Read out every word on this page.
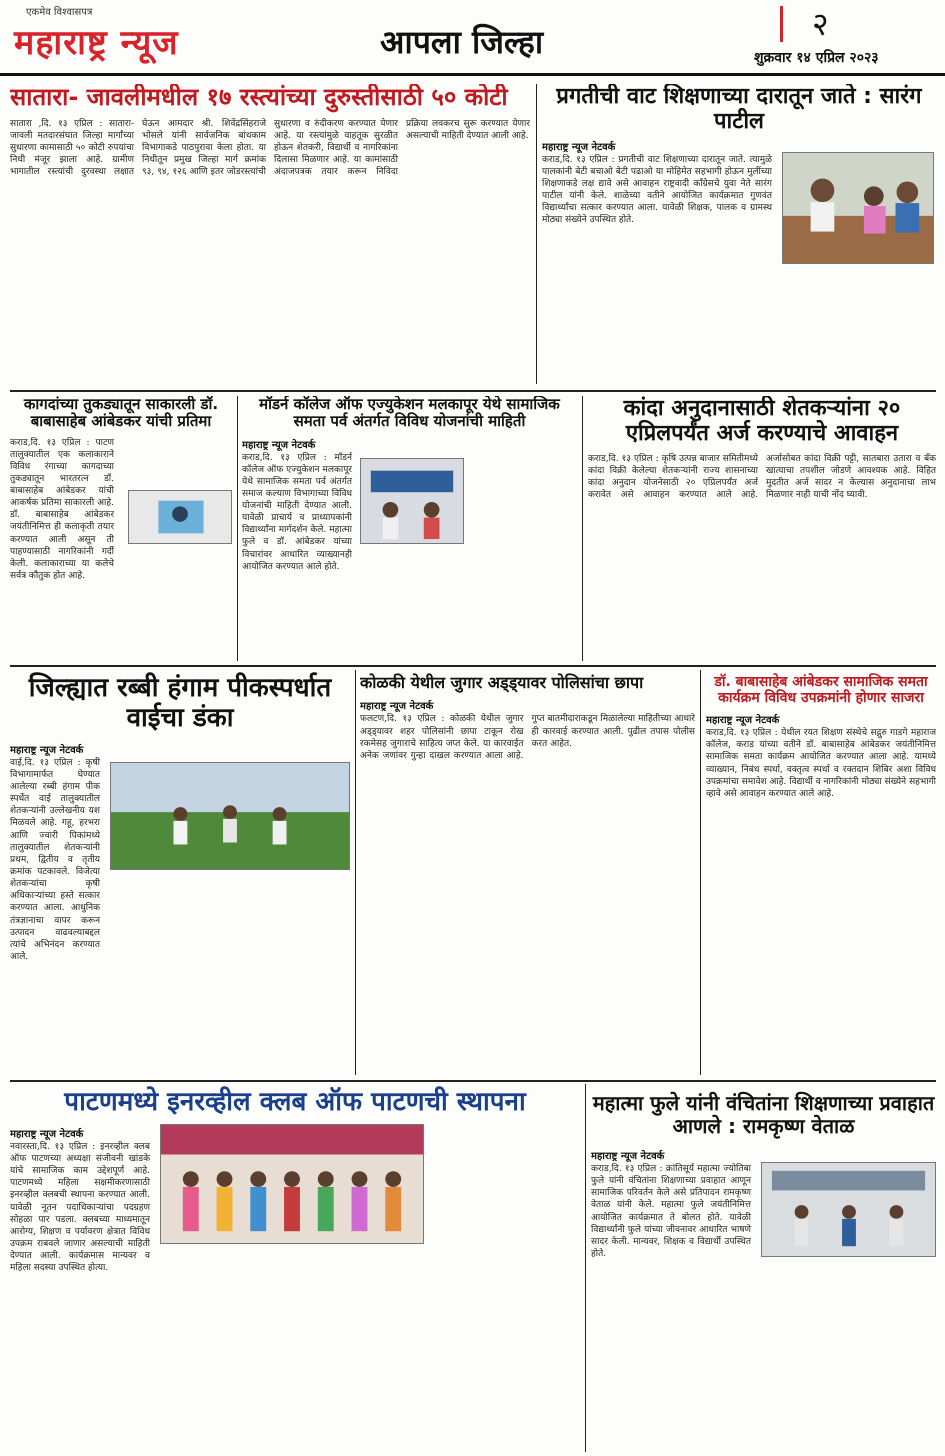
एकमेव विश्वासपत्र
महाराष्ट्र न्यूज	आपला जिल्हा	२
शुक्रवार १४ एप्रिल २०२३
सातारा- जावलीमधील १७ रस्त्यांच्या दुरुस्तीसाठी ५० कोटी
सातारा ,दि. १३ एप्रिल : सातारा- जावली मतदारसंघात जिल्हा मार्गांच्या सुधारणा कामासाठी ५० कोटी रुपयांचा निधी मंजूर झाला आहे. ग्रामीण भागातील रस्त्यांची दुरवस्था लक्षात घेऊन आमदार श्री. शिवेंद्रसिंहराजे भोसले यांनी सार्वजनिक बांधकाम विभागाकडे पाठपुरावा केला होता. या निधीतून प्रमुख जिल्हा मार्ग क्रमांक ९३, ९४, १२६ आणि इतर जोडरस्त्यांची सुधारणा व रुंदीकरण करण्यात येणार आहे. या रस्त्यांमुळे वाहतूक सुरळीत होऊन शेतकरी, विद्यार्थी व नागरिकांना दिलासा मिळणार आहे. या कामांसाठी अंदाजपत्रक तयार करून निविदा प्रक्रिया लवकरच सुरू करण्यात येणार असल्याची माहिती देण्यात आली आहे.
प्रगतीची वाट शिक्षणाच्या दारातून जाते : सारंग पाटील
महाराष्ट्र न्यूज नेटवर्क
कराड,दि. १३ एप्रिल : प्रगतीची वाट शिक्षणाच्या दारातून जाते. त्यामुळे पालकांनी बेटी बचाओ बेटी पढाओ या मोहिमेत सहभागी होऊन मुलींच्या शिक्षणाकडे लक्ष द्यावे असे आवाहन राष्ट्रवादी काँग्रेसचे युवा नेते सारंग पाटील यांनी केले. शाळेच्या वतीने आयोजित कार्यक्रमात गुणवंत विद्यार्थ्यांचा सत्कार करण्यात आला. यावेळी शिक्षक, पालक व ग्रामस्थ मोठ्या संख्येने उपस्थित होते.
कागदांच्या तुकड्यातून साकारली डॉ. बाबासाहेब आंबेडकर यांची प्रतिमा
कराड,दि. १३ एप्रिल : पाटण तालुक्यातील एक कलाकाराने विविध रंगाच्या कागदाच्या तुकड्यातून भारतरत्न डॉ. बाबासाहेब आंबेडकर यांची आकर्षक प्रतिमा साकारली आहे. डॉ. बाबासाहेब आंबेडकर जयंतीनिमित्त ही कलाकृती तयार करण्यात आली असून ती पाहण्यासाठी नागरिकांनी गर्दी केली. कलाकाराच्या या कलेचे सर्वत्र कौतुक होत आहे.
मॉडर्न कॉलेज ऑफ एज्युकेशन मलकापूर येथे सामाजिक समता पर्व अंतर्गत विविध योजनांची माहिती
महाराष्ट्र न्यूज नेटवर्क
कराड,दि. १३ एप्रिल : मॉडर्न कॉलेज ऑफ एज्युकेशन मलकापूर येथे सामाजिक समता पर्व अंतर्गत समाज कल्याण विभागाच्या विविध योजनांची माहिती देण्यात आली. यावेळी प्राचार्य व प्राध्यापकांनी विद्यार्थ्यांना मार्गदर्शन केले. महात्मा फुले व डॉ. आंबेडकर यांच्या विचारांवर आधारित व्याख्यानही आयोजित करण्यात आले होते.
कांदा अनुदानासाठी शेतकऱ्यांना २० एप्रिलपर्यंत अर्ज करण्याचे आवाहन
कराड,दि. १३ एप्रिल : कृषि उत्पन्न बाजार समितीमध्ये कांदा विक्री केलेल्या शेतकऱ्यांनी राज्य शासनाच्या कांदा अनुदान योजनेसाठी २० एप्रिलपर्यंत अर्ज करावेत असे आवाहन करण्यात आले आहे. अर्जासोबत कांदा विक्री पट्टी, सातबारा उतारा व बँक खात्याचा तपशील जोडणे आवश्यक आहे. विहित मुदतीत अर्ज सादर न केल्यास अनुदानाचा लाभ मिळणार नाही याची नोंद घ्यावी.
जिल्ह्यात रब्बी हंगाम पीकस्पर्धात वाईचा डंका
महाराष्ट्र न्यूज नेटवर्क
वाई,दि. १३ एप्रिल : कृषी विभागामार्फत घेण्यात आलेल्या रब्बी हंगाम पीक स्पर्धेत वाई तालुक्यातील शेतकऱ्यांनी उल्लेखनीय यश मिळवले आहे. गहू, हरभरा आणि ज्वारी पिकांमध्ये तालुक्यातील शेतकऱ्यांनी प्रथम, द्वितीय व तृतीय क्रमांक पटकावले. विजेत्या शेतकऱ्यांचा कृषी अधिकाऱ्यांच्या हस्ते सत्कार करण्यात आला. आधुनिक तंत्रज्ञानाचा वापर करून उत्पादन वाढवल्याबद्दल त्यांचे अभिनंदन करण्यात आले.
कोळकी येथील जुगार अड्ड्यावर पोलिसांचा छापा
महाराष्ट्र न्यूज नेटवर्क
फलटण,दि. १३ एप्रिल : कोळकी येथील जुगार अड्ड्यावर शहर पोलिसांनी छापा टाकून रोख रकमेसह जुगाराचे साहित्य जप्त केले. या कारवाईत अनेक जणांवर गुन्हा दाखल करण्यात आला आहे. गुप्त बातमीदाराकडून मिळालेल्या माहितीच्या आधारे ही कारवाई करण्यात आली. पुढील तपास पोलीस करत आहेत.
डॉ. बाबासाहेब आंबेडकर सामाजिक समता कार्यक्रम विविध उपक्रमांनी होणार साजरा
महाराष्ट्र न्यूज नेटवर्क
कराड,दि. १३ एप्रिल : येथील रयत शिक्षण संस्थेचे सद्गुरु गाडगे महाराज कॉलेज, कराड यांच्या वतीने डॉ. बाबासाहेब आंबेडकर जयंतीनिमित्त सामाजिक समता कार्यक्रम आयोजित करण्यात आला आहे. यामध्ये व्याख्यान, निबंध स्पर्धा, वक्तृत्व स्पर्धा व रक्तदान शिबिर अशा विविध उपक्रमांचा समावेश आहे. विद्यार्थी व नागरिकांनी मोठ्या संख्येने सहभागी व्हावे असे आवाहन करण्यात आले आहे.
पाटणमध्ये इनरव्हील क्लब ऑफ पाटणची स्थापना
महाराष्ट्र न्यूज नेटवर्क
नवारस्ता,दि. १३ एप्रिल : इनरव्हील क्लब ऑफ पाटणच्या अध्यक्षा संजीवनी खांडके यांचे सामाजिक काम उद्देशपूर्ण आहे. पाटणमध्ये महिला सक्षमीकरणासाठी इनरव्हील क्लबची स्थापना करण्यात आली. यावेळी नूतन पदाधिकाऱ्यांचा पदग्रहण सोहळा पार पडला. क्लबच्या माध्यमातून आरोग्य, शिक्षण व पर्यावरण क्षेत्रात विविध उपक्रम राबवले जाणार असल्याची माहिती देण्यात आली. कार्यक्रमास मान्यवर व महिला सदस्या उपस्थित होत्या.
महात्मा फुले यांनी वंचितांना शिक्षणाच्या प्रवाहात आणले : रामकृष्ण वेताळ
महाराष्ट्र न्यूज नेटवर्क
कराड,दि. १३ एप्रिल : क्रांतिसूर्य महात्मा ज्योतिबा फुले यांनी वंचितांना शिक्षणाच्या प्रवाहात आणून सामाजिक परिवर्तन केले असे प्रतिपादन रामकृष्ण वेताळ यांनी केले. महात्मा फुले जयंतीनिमित्त आयोजित कार्यक्रमात ते बोलत होते. यावेळी विद्यार्थ्यांनी फुले यांच्या जीवनावर आधारित भाषणे सादर केली. मान्यवर, शिक्षक व विद्यार्थी उपस्थित होते.
